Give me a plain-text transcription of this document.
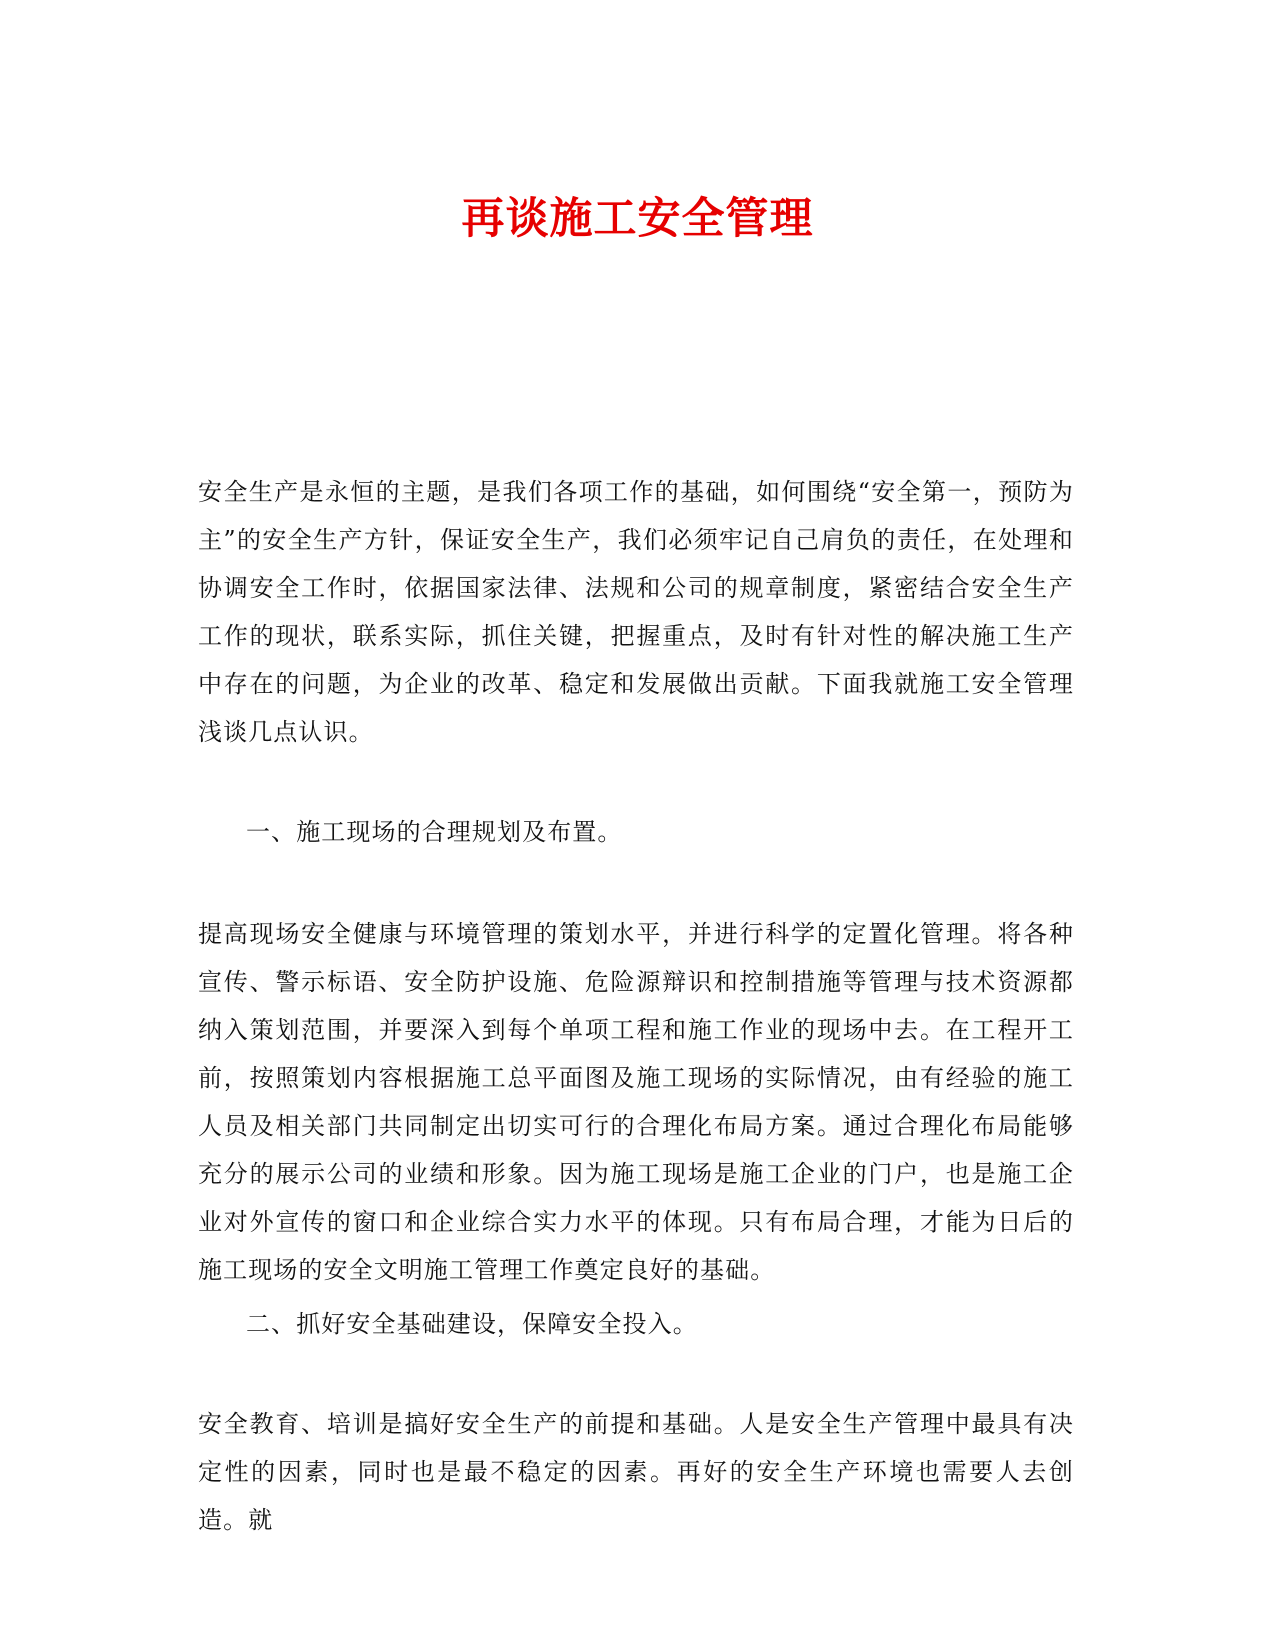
再谈施工安全管理

安全生产是永恒的主题，是我们各项工作的基础，如何围绕“安全第一，预防为主”的安全生产方针，保证安全生产，我们必须牢记自己肩负的责任，在处理和协调安全工作时，依据国家法律、法规和公司的规章制度，紧密结合安全生产工作的现状，联系实际，抓住关键，把握重点，及时有针对性的解决施工生产中存在的问题，为企业的改革、稳定和发展做出贡献。下面我就施工安全管理浅谈几点认识。

一、施工现场的合理规划及布置。

提高现场安全健康与环境管理的策划水平，并进行科学的定置化管理。将各种宣传、警示标语、安全防护设施、危险源辩识和控制措施等管理与技术资源都纳入策划范围，并要深入到每个单项工程和施工作业的现场中去。在工程开工前，按照策划内容根据施工总平面图及施工现场的实际情况，由有经验的施工人员及相关部门共同制定出切实可行的合理化布局方案。通过合理化布局能够充分的展示公司的业绩和形象。因为施工现场是施工企业的门户，也是施工企业对外宣传的窗口和企业综合实力水平的体现。只有布局合理，才能为日后的施工现场的安全文明施工管理工作奠定良好的基础。

二、抓好安全基础建设，保障安全投入。

安全教育、培训是搞好安全生产的前提和基础。人是安全生产管理中最具有决定性的因素，同时也是最不稳定的因素。再好的安全生产环境也需要人去创造。就
